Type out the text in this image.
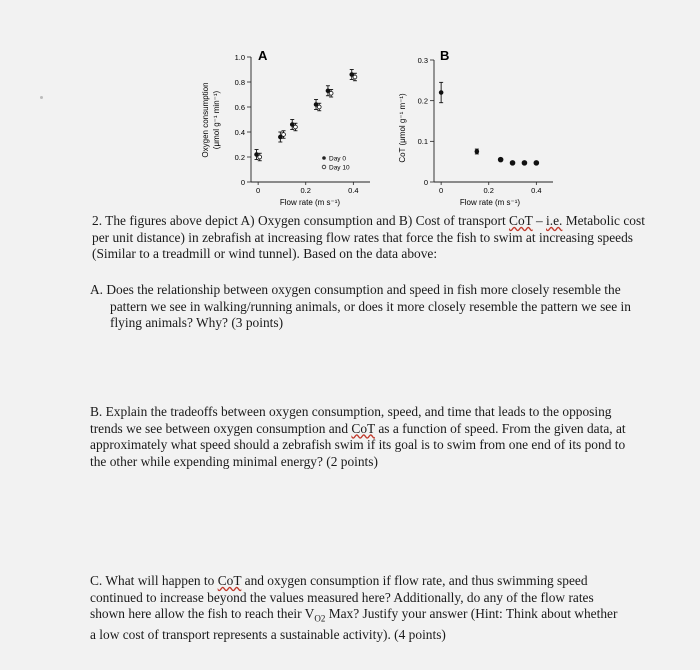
A
Oxygen consumption (μmol g⁻¹ min⁻¹)
Flow rate (m s⁻¹)
Day 0
Day 10
0
0.2
0.4
0.6
0.8
1.0
0	0.2	0.4
B
CoT (μmol g⁻¹ m⁻¹)
Flow rate (m s⁻¹)
0
0.1
0.2
0.3
0	0.2	0.4
2. The figures above depict A) Oxygen consumption and B) Cost of transport CoT – i.e. Metabolic cost per unit distance) in zebrafish at increasing flow rates that force the fish to swim at increasing speeds (Similar to a treadmill or wind tunnel). Based on the data above:
A. Does the relationship between oxygen consumption and speed in fish more closely resemble the pattern we see in walking/running animals, or does it more closely resemble the pattern we see in flying animals? Why? (3 points)
B. Explain the tradeoffs between oxygen consumption, speed, and time that leads to the opposing trends we see between oxygen consumption and CoT as a function of speed. From the given data, at approximately what speed should a zebrafish swim if its goal is to swim from one end of its pond to the other while expending minimal energy? (2 points)
C. What will happen to CoT and oxygen consumption if flow rate, and thus swimming speed continued to increase beyond the values measured here? Additionally, do any of the flow rates shown here allow the fish to reach their $V_{O2}$ Max? Justify your answer (Hint: Think about whether a low cost of transport represents a sustainable activity). (4 points)
